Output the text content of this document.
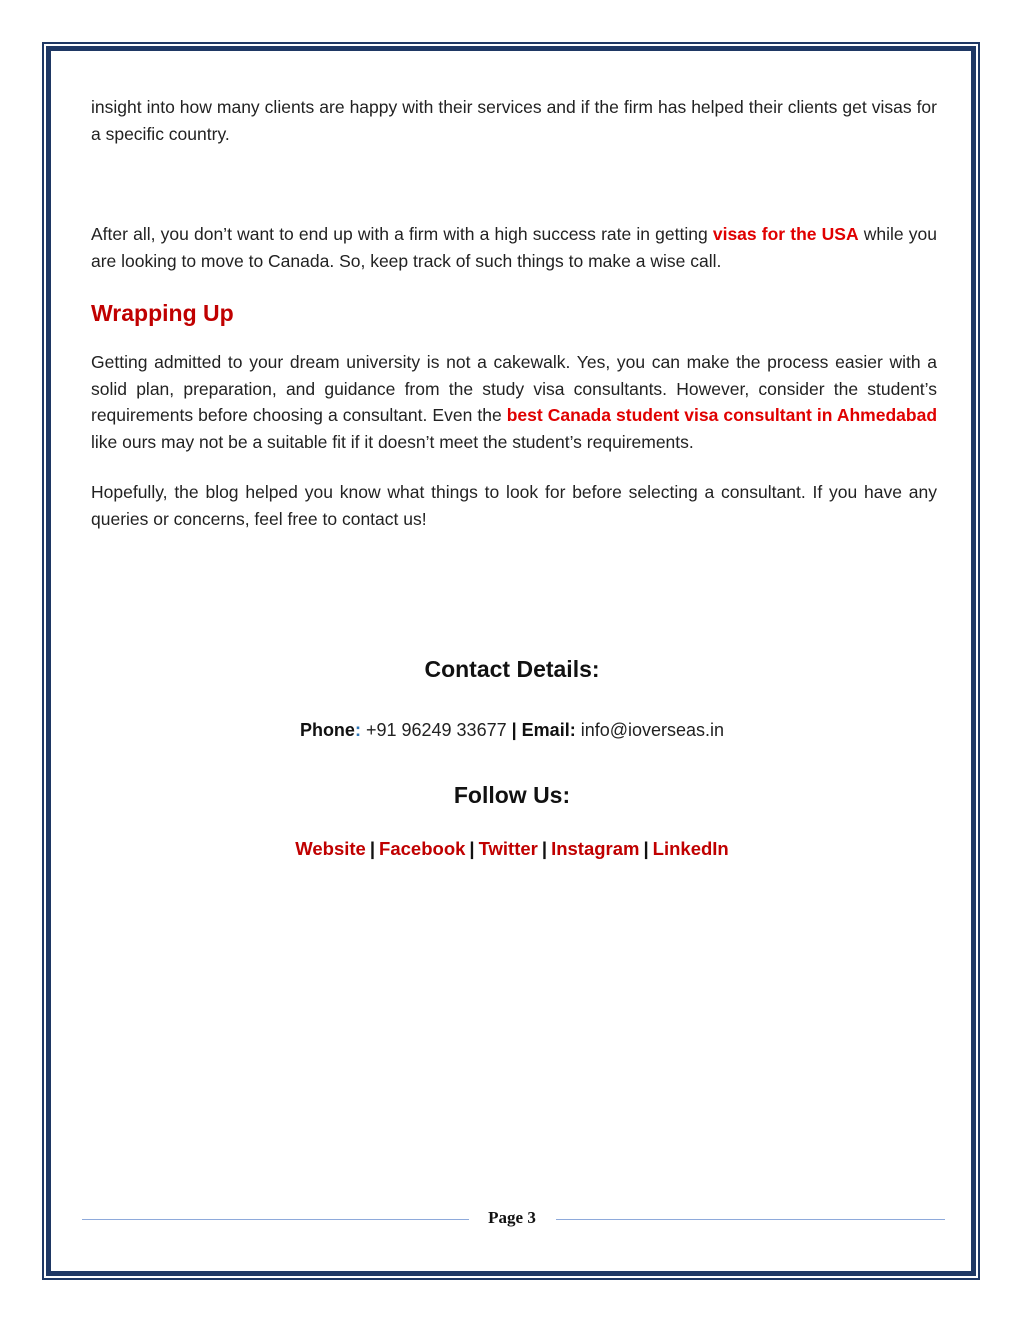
insight into how many clients are happy with their services and if the firm has helped their clients get visas for a specific country.

After all, you don’t want to end up with a firm with a high success rate in getting visas for the USA while you are looking to move to Canada. So, keep track of such things to make a wise call.

Wrapping Up

Getting admitted to your dream university is not a cakewalk. Yes, you can make the process easier with a solid plan, preparation, and guidance from the study visa consultants. However, consider the student’s requirements before choosing a consultant. Even the best Canada student visa consultant in Ahmedabad like ours may not be a suitable fit if it doesn’t meet the student’s requirements.

Hopefully, the blog helped you know what things to look for before selecting a consultant. If you have any queries or concerns, feel free to contact us!

Contact Details:
Phone: +91 96249 33677 | Email: info@ioverseas.in
Follow Us:
Website | Facebook | Twitter | Instagram | LinkedIn
Page 3
